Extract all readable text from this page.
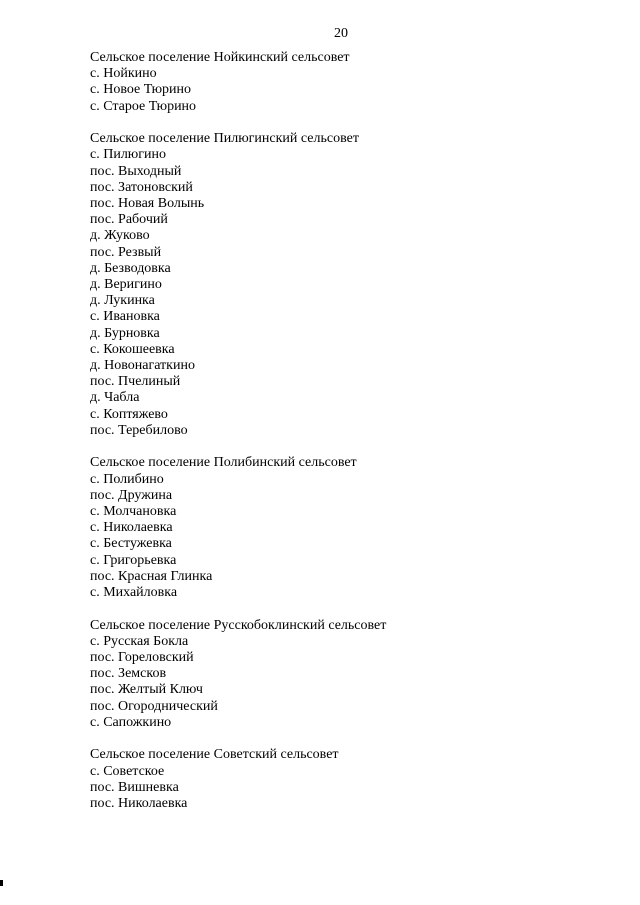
20
Сельское поселение Нойкинский сельсовет
с. Нойкино
с. Новое Тюрино
с. Старое Тюрино
Сельское поселение Пилюгинский сельсовет
с. Пилюгино
пос. Выходный
пос. Затоновский
пос. Новая Волынь
пос. Рабочий
д. Жуково
пос. Резвый
д. Безводовка
д. Веригино
д. Лукинка
с. Ивановка
д. Бурновка
с. Кокошеевка
д. Новонагаткино
пос. Пчелиный
д. Чабла
с. Коптяжево
пос. Теребилово
Сельское поселение Полибинский сельсовет
с. Полибино
пос. Дружина
с. Молчановка
с. Николаевка
с. Бестужевка
с. Григорьевка
пос. Красная Глинка
с. Михайловка
Сельское поселение Русскобоклинский сельсовет
с. Русская Бокла
пос. Гореловский
пос. Земсков
пос. Желтый Ключ
пос. Огороднический
с. Сапожкино
Сельское поселение Советский сельсовет
с. Советское
пос. Вишневка
пос. Николаевка
